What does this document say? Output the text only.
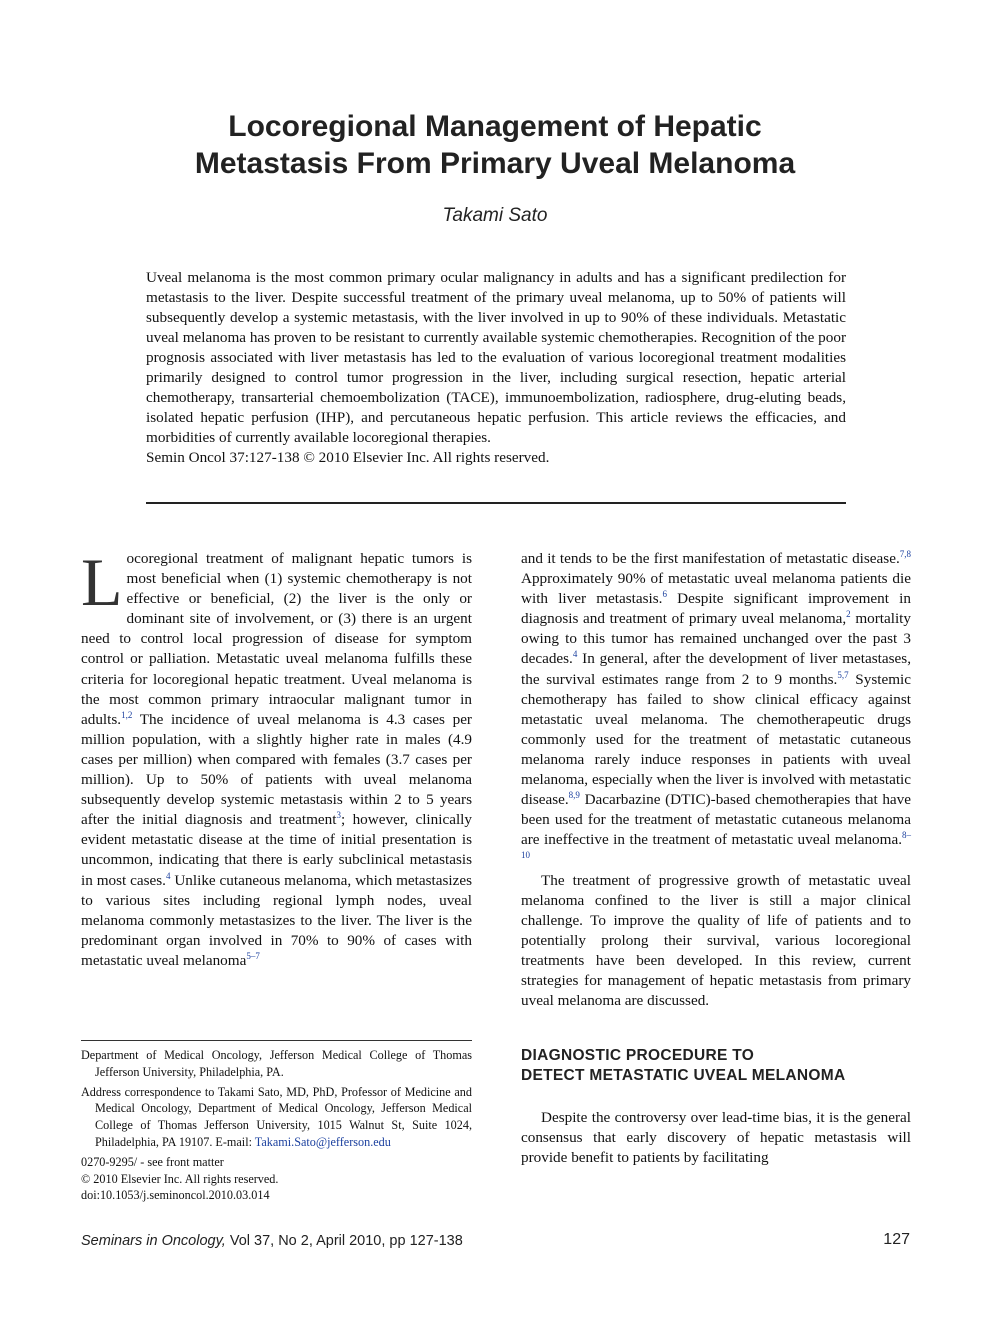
Locoregional Management of Hepatic
Metastasis From Primary Uveal Melanoma
Takami Sato

Uveal melanoma is the most common primary ocular malignancy in adults and has a significant predilection for metastasis to the liver. Despite successful treatment of the primary uveal melanoma, up to 50% of patients will subsequently develop a systemic metastasis, with the liver involved in up to 90% of these individuals. Metastatic uveal melanoma has proven to be resistant to currently available systemic chemotherapies. Recognition of the poor prognosis associated with liver metastasis has led to the evaluation of various locoregional treatment modalities primarily designed to control tumor progression in the liver, including surgical resection, hepatic arterial chemotherapy, transarterial chemoembolization (TACE), immunoembolization, radiosphere, drug-eluting beads, isolated hepatic perfusion (IHP), and percutaneous hepatic perfusion. This article reviews the efficacies, and morbidities of currently available locoregional therapies.

Semin Oncol 37:127-138 © 2010 Elsevier Inc. All rights reserved.

Locoregional treatment of malignant hepatic tumors is most beneficial when (1) systemic chemotherapy is not effective or beneficial, (2) the liver is the only or dominant site of involvement, or (3) there is an urgent need to control local progression of disease for symptom control or palliation. Metastatic uveal melanoma fulfills these criteria for locoregional hepatic treatment. Uveal melanoma is the most common primary intraocular malignant tumor in adults.$^{1,2}$ The incidence of uveal melanoma is 4.3 cases per million population, with a slightly higher rate in males (4.9 cases per million) when compared with females (3.7 cases per million). Up to 50% of patients with uveal melanoma subsequently develop systemic metastasis within 2 to 5 years after the initial diagnosis and treatment$^3$; however, clinically evident metastatic disease at the time of initial presentation is uncommon, indicating that there is early subclinical metastasis in most cases.$^4$ Unlike cutaneous melanoma, which metastasizes to various sites including regional lymph nodes, uveal melanoma commonly metastasizes to the liver. The liver is the predominant organ involved in 70% to 90% of cases with metastatic uveal melanoma$^{5-7}$

and it tends to be the first manifestation of metastatic disease.$^{7,8}$ Approximately 90% of metastatic uveal melanoma patients die with liver metastasis.$^6$ Despite significant improvement in diagnosis and treatment of primary uveal melanoma,$^2$ mortality owing to this tumor has remained unchanged over the past 3 decades.$^4$ In general, after the development of liver metastases, the survival estimates range from 2 to 9 months.$^{5,7}$ Systemic chemotherapy has failed to show clinical efficacy against metastatic uveal melanoma. The chemotherapeutic drugs commonly used for the treatment of metastatic cutaneous melanoma rarely induce responses in patients with uveal melanoma, especially when the liver is involved with metastatic disease.$^{8,9}$ Dacarbazine (DTIC)-based chemotherapies that have been used for the treatment of metastatic cutaneous melanoma are ineffective in the treatment of metastatic uveal melanoma.$^{8-10}$

The treatment of progressive growth of metastatic uveal melanoma confined to the liver is still a major clinical challenge. To improve the quality of life of patients and to potentially prolong their survival, various locoregional treatments have been developed. In this review, current strategies for management of hepatic metastasis from primary uveal melanoma are discussed.

DIAGNOSTIC PROCEDURE TO
DETECT METASTATIC UVEAL MELANOMA

Despite the controversy over lead-time bias, it is the general consensus that early discovery of hepatic metastasis will provide benefit to patients by facilitating

Department of Medical Oncology, Jefferson Medical College of Thomas Jefferson University, Philadelphia, PA.

Address correspondence to Takami Sato, MD, PhD, Professor of Medicine and Medical Oncology, Department of Medical Oncology, Jefferson Medical College of Thomas Jefferson University, 1015 Walnut St, Suite 1024, Philadelphia, PA 19107. E-mail: Takami.Sato@jefferson.edu

0270-9295/ - see front matter

© 2010 Elsevier Inc. All rights reserved.

doi:10.1053/j.seminoncol.2010.03.014

Seminars in Oncology, Vol 37, No 2, April 2010, pp 127-138	127
